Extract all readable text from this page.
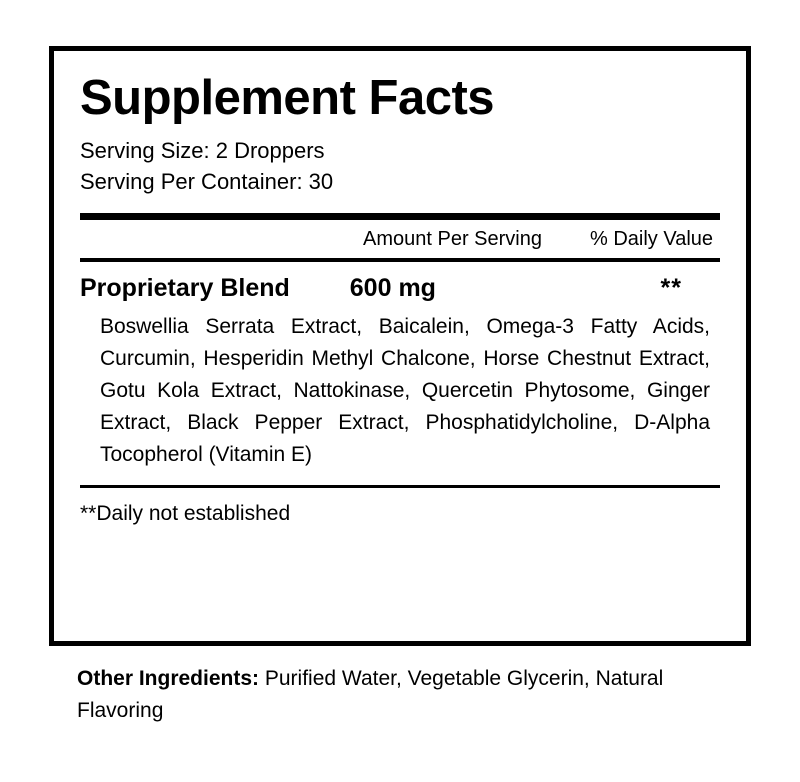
Supplement Facts

Serving Size: 2 Droppers

Serving Per Container: 30

Amount Per Serving % Daily Value
Proprietary Blend 600 mg	**

Boswellia Serrata Extract, Baicalein, Omega-3 Fatty Acids, Curcumin, Hesperidin Methyl Chalcone, Horse Chestnut Extract, Gotu Kola Extract, Nattokinase, Quercetin Phytosome, Ginger Extract, Black Pepper Extract, Phosphatidylcholine, D-Alpha Tocopherol (Vitamin E)

**Daily not established

Other Ingredients: Purified Water, Vegetable Glycerin, Natural Flavoring
